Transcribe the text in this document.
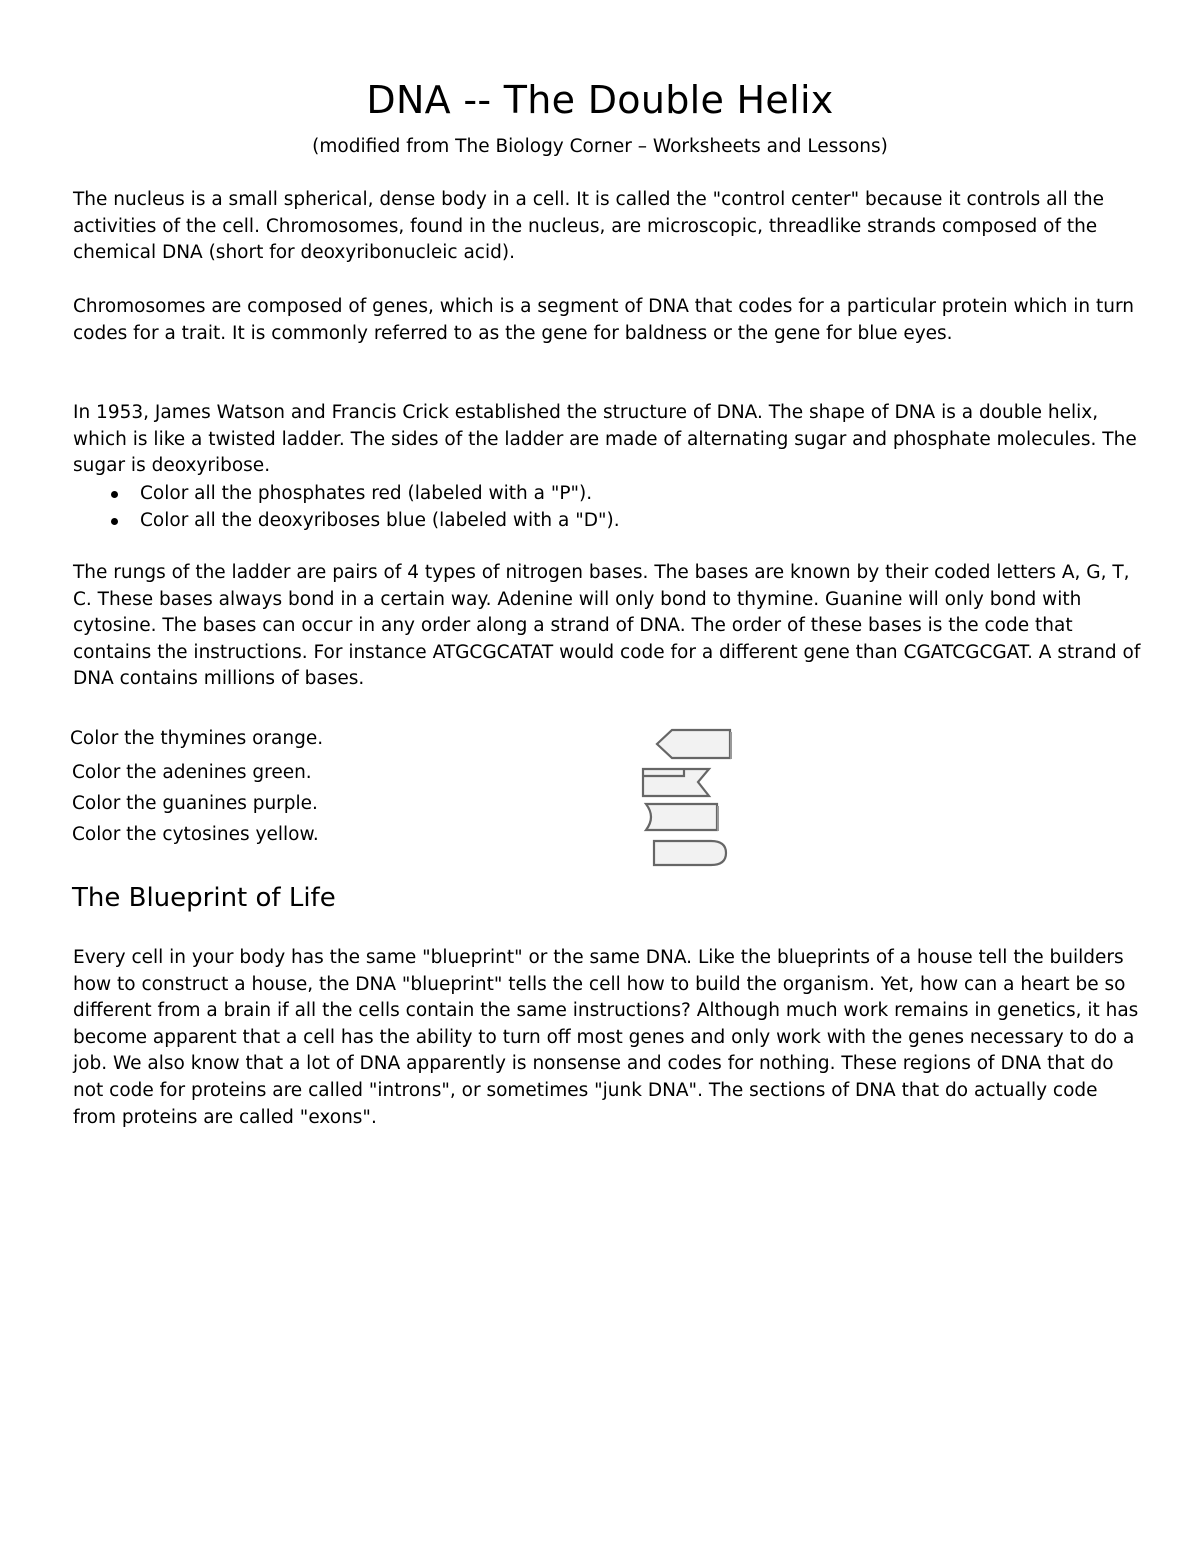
DNA -- The Double Helix

(modified from The Biology Corner – Worksheets and Lessons)

The nucleus is a small spherical, dense body in a cell. It is called the "control center" because it controls all the activities of the cell. Chromosomes, found in the nucleus, are microscopic, threadlike strands composed of the chemical DNA (short for deoxyribonucleic acid).

Chromosomes are composed of genes, which is a segment of DNA that codes for a particular protein which in turn codes for a trait. It is commonly referred to as the gene for baldness or the gene for blue eyes.

In 1953, James Watson and Francis Crick established the structure of DNA. The shape of DNA is a double helix, which is like a twisted ladder. The sides of the ladder are made of alternating sugar and phosphate molecules. The sugar is deoxyribose.

Color all the phosphates red (labeled with a "P").
Color all the deoxyriboses blue (labeled with a "D").

The rungs of the ladder are pairs of 4 types of nitrogen bases. The bases are known by their coded letters A, G, T, C. These bases always bond in a certain way. Adenine will only bond to thymine. Guanine will only bond with cytosine. The bases can occur in any order along a strand of DNA. The order of these bases is the code that contains the instructions. For instance ATGCGCATAT would code for a different gene than CGATCGCGAT. A strand of DNA contains millions of bases.

Color the thymines orange.

Color the adenines green.

Color the guanines purple.

Color the cytosines yellow.

The Blueprint of Life

Every cell in your body has the same "blueprint" or the same DNA. Like the blueprints of a house tell the builders how to construct a house, the DNA "blueprint" tells the cell how to build the organism. Yet, how can a heart be so different from a brain if all the cells contain the same instructions? Although much work remains in genetics, it has become apparent that a cell has the ability to turn off most genes and only work with the genes necessary to do a job. We also know that a lot of DNA apparently is nonsense and codes for nothing. These regions of DNA that do not code for proteins are called "introns", or sometimes "junk DNA". The sections of DNA that do actually code from proteins are called "exons".
